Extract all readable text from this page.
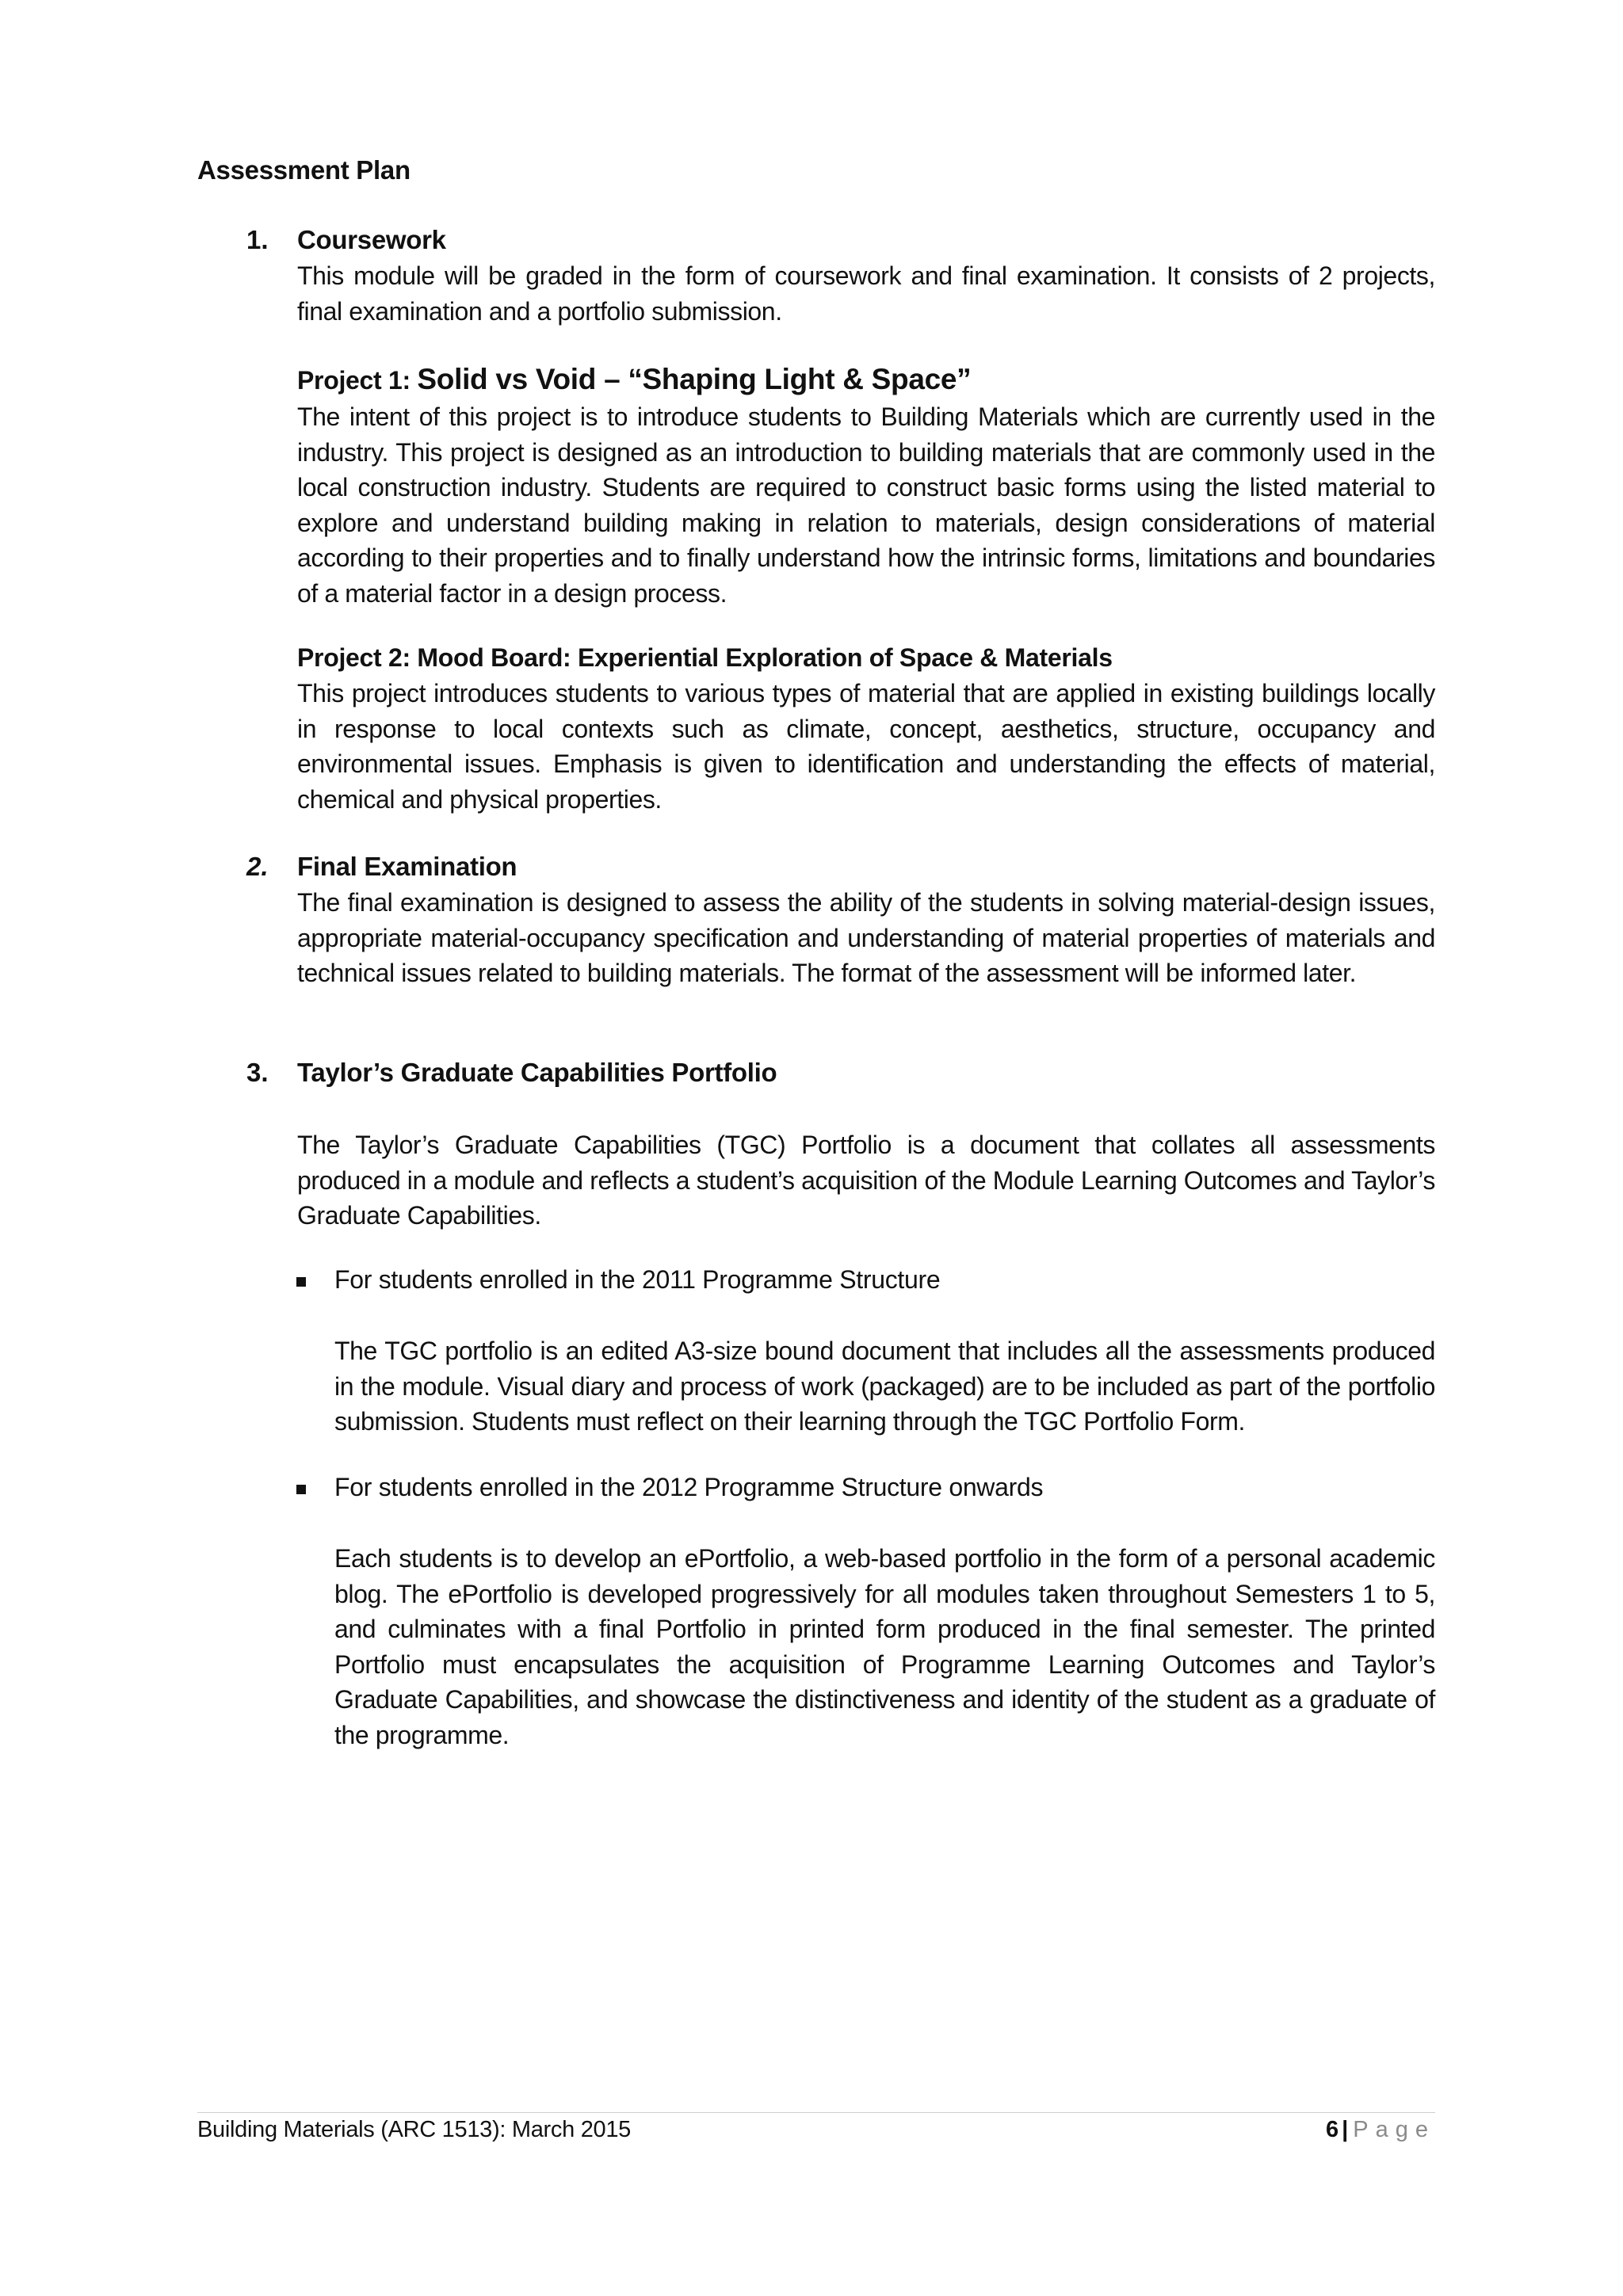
Assessment Plan
1.	Coursework

This module will be graded in the form of coursework and final examination. It consists of 2 projects, final examination and a portfolio submission.

Project 1: Solid vs Void – “Shaping Light & Space”

The intent of this project is to introduce students to Building Materials which are currently used in the industry. This project is designed as an introduction to building materials that are commonly used in the local construction industry. Students are required to construct basic forms using the listed material to explore and understand building making in relation to materials, design considerations of material according to their properties and to finally understand how the intrinsic forms, limitations and boundaries of a material factor in a design process.

Project 2: Mood Board: Experiential Exploration of Space & Materials

This project introduces students to various types of material that are applied in existing buildings locally in response to local contexts such as climate, concept, aesthetics, structure, occupancy and environmental issues. Emphasis is given to identification and understanding the effects of material, chemical and physical properties.

2.	Final Examination

The final examination is designed to assess the ability of the students in solving material-design issues, appropriate material-occupancy specification and understanding of material properties of materials and technical issues related to building materials. The format of the assessment will be informed later.

3.	Taylor’s Graduate Capabilities Portfolio

The Taylor’s Graduate Capabilities (TGC) Portfolio is a document that collates all assessments produced in a module and reflects a student’s acquisition of the Module Learning Outcomes and Taylor’s Graduate Capabilities.

For students enrolled in the 2011 Programme Structure

The TGC portfolio is an edited A3-size bound document that includes all the assessments produced in the module. Visual diary and process of work (packaged) are to be included as part of the portfolio submission. Students must reflect on their learning through the TGC Portfolio Form.

For students enrolled in the 2012 Programme Structure onwards

Each students is to develop an ePortfolio, a web-based portfolio in the form of a personal academic blog. The ePortfolio is developed progressively for all modules taken throughout Semesters 1 to 5, and culminates with a final Portfolio in printed form produced in the final semester. The printed Portfolio must encapsulates the acquisition of Programme Learning Outcomes and Taylor’s Graduate Capabilities, and showcase the distinctiveness and identity of the student as a graduate of the programme.

Building Materials (ARC 1513): March 2015	6 | Page
